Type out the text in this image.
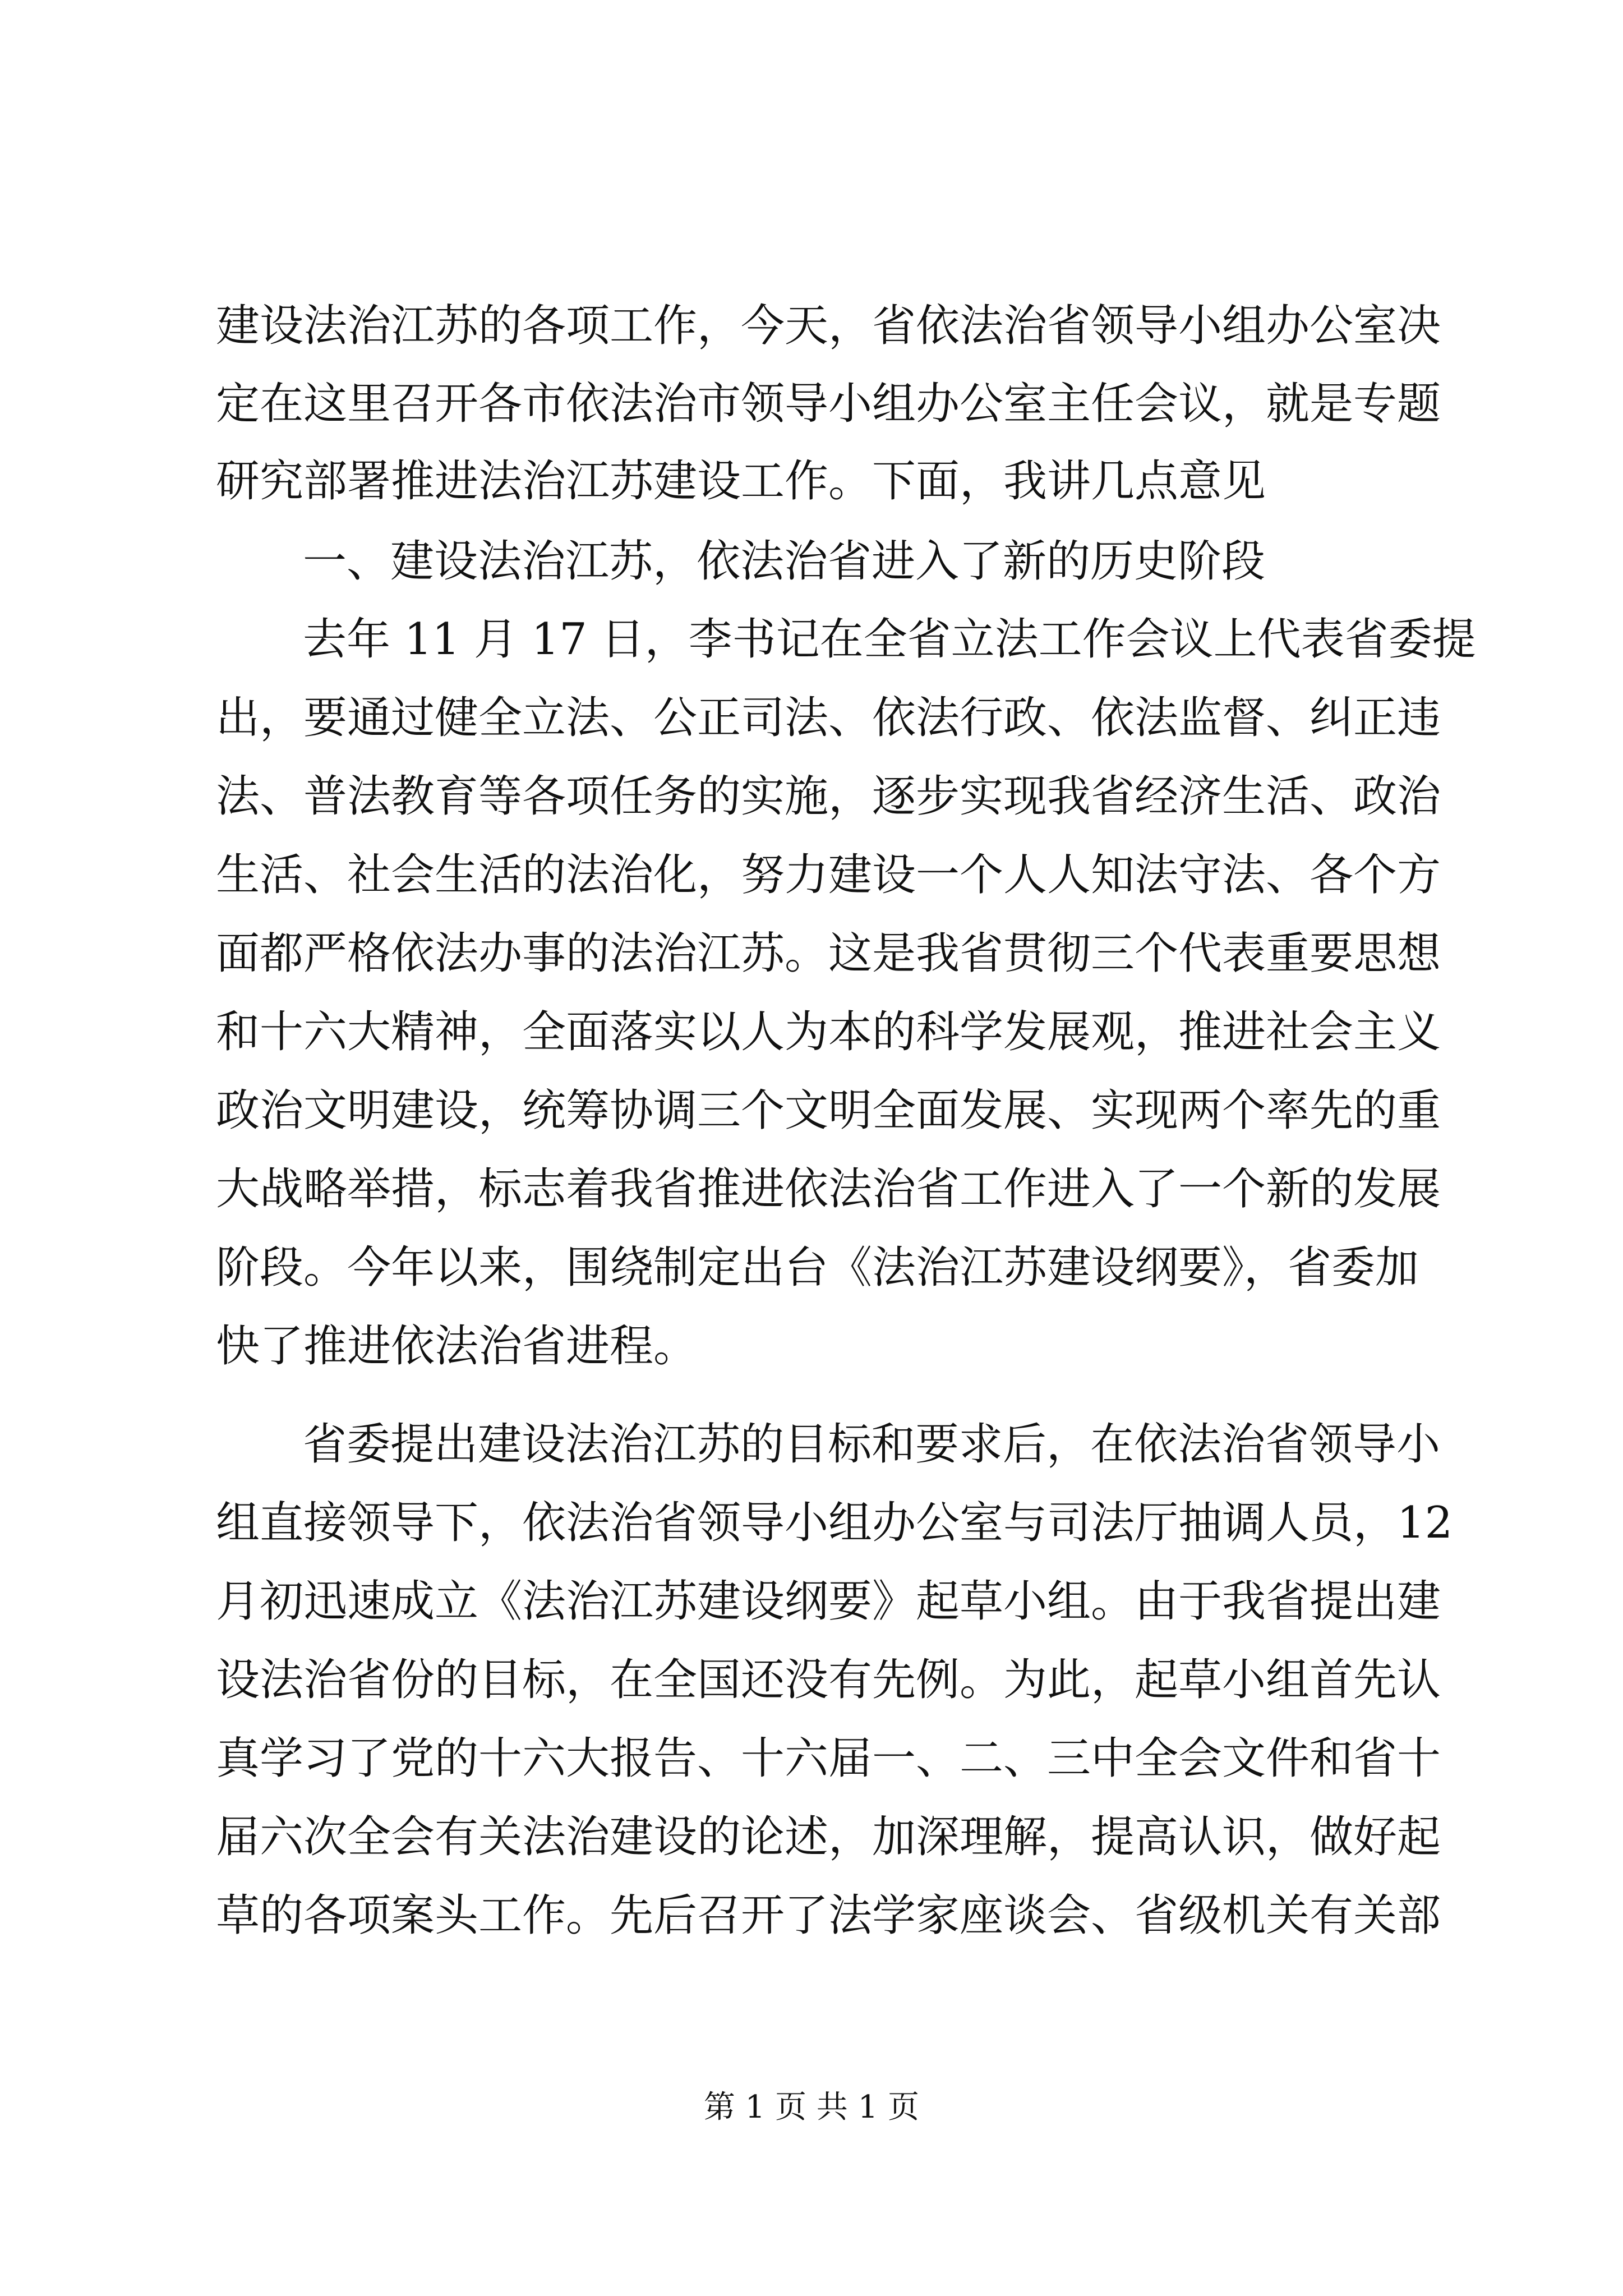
建设法治江苏的各项工作，今天，省依法治省领导小组办公室决
定在这里召开各市依法治市领导小组办公室主任会议，就是专题
研究部署推进法治江苏建设工作。下面，我讲几点意见
一、建设法治江苏，依法治省进入了新的历史阶段
去年 11 月 17 日，李书记在全省立法工作会议上代表省委提
出，要通过健全立法、公正司法、依法行政、依法监督、纠正违
法、普法教育等各项任务的实施，逐步实现我省经济生活、政治
生活、社会生活的法治化，努力建设一个人人知法守法、各个方
面都严格依法办事的法治江苏。这是我省贯彻三个代表重要思想
和十六大精神，全面落实以人为本的科学发展观，推进社会主义
政治文明建设，统筹协调三个文明全面发展、实现两个率先的重
大战略举措，标志着我省推进依法治省工作进入了一个新的发展
阶段。今年以来，围绕制定出台《法治江苏建设纲要》，省委加
快了推进依法治省进程。
省委提出建设法治江苏的目标和要求后，在依法治省领导小
组直接领导下，依法治省领导小组办公室与司法厅抽调人员，12
月初迅速成立《法治江苏建设纲要》起草小组。由于我省提出建
设法治省份的目标，在全国还没有先例。为此，起草小组首先认
真学习了党的十六大报告、十六届一、二、三中全会文件和省十
届六次全会有关法治建设的论述，加深理解，提高认识，做好起
草的各项案头工作。先后召开了法学家座谈会、省级机关有关部
第 1 页 共 1 页
